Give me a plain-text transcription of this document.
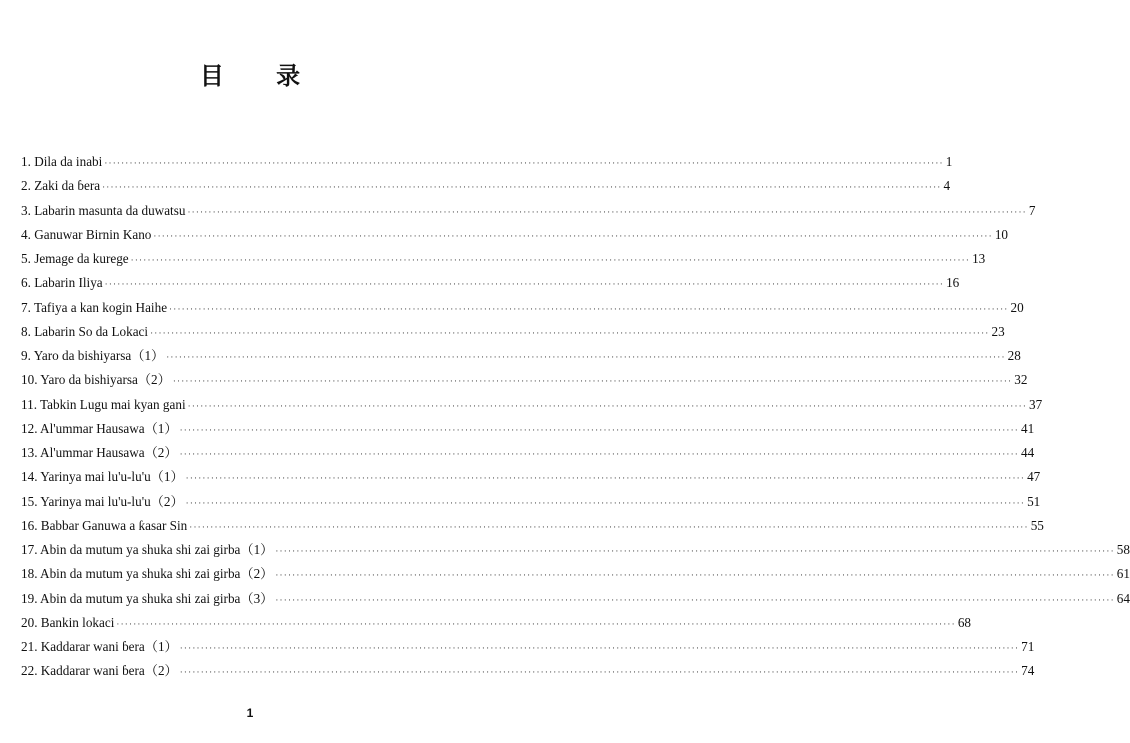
目 录
1. Dila da inabi ········································································································································································································ 1
2. Zaki da ɓera ········································································································································································································ 4
3. Labarin masunta da duwatsu ········································································································································································································ 7
4. Ganuwar Birnin Kano ········································································································································································································ 10
5. Jemage da kurege ········································································································································································································ 13
6. Labarin Iliya ········································································································································································································ 16
7. Tafiya a kan kogin Haihe ········································································································································································································ 20
8. Labarin So da Lokaci ········································································································································································································ 23
9. Yaro da bishiyarsa（1） ········································································································································································································ 28
10. Yaro da bishiyarsa（2） ········································································································································································································ 32
11. Tabkin Lugu mai kyan gani ········································································································································································································ 37
12. Al'ummar Hausawa（1） ········································································································································································································ 41
13. Al'ummar Hausawa（2） ········································································································································································································ 44
14. Yarinya mai lu'u-lu'u（1） ········································································································································································································ 47
15. Yarinya mai lu'u-lu'u（2） ········································································································································································································ 51
16. Babbar Ganuwa a ƙasar Sin ········································································································································································································ 55
17. Abin da mutum ya shuka shi zai girba（1） ········································································································································································································ 58
18. Abin da mutum ya shuka shi zai girba（2） ········································································································································································································ 61
19. Abin da mutum ya shuka shi zai girba（3） ········································································································································································································ 64
20. Bankin lokaci ········································································································································································································ 68
21. Kaddarar wani ɓera（1） ········································································································································································································ 71
22. Kaddarar wani ɓera（2） ········································································································································································································ 74
1
